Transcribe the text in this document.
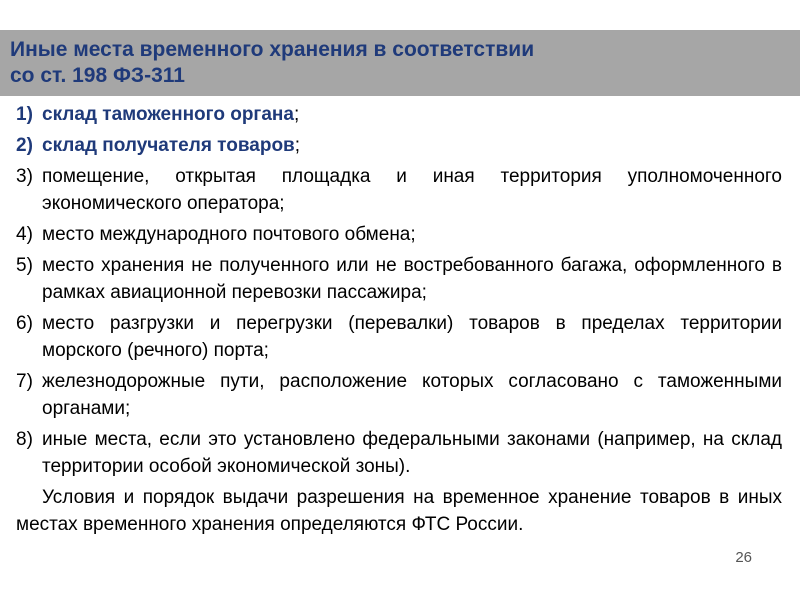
Иные места временного хранения в соответствии
со ст. 198 ФЗ-311
1) склад таможенного органа;
2) склад получателя товаров;
3) помещение, открытая площадка и иная территория уполномоченного экономического оператора;
4) место международного почтового обмена;
5) место хранения не полученного или не востребованного багажа, оформленного в рамках авиационной перевозки пассажира;
6) место разгрузки и перегрузки (перевалки) товаров в пределах территории морского (речного) порта;
7) железнодорожные пути, расположение которых согласовано с таможенными органами;
8) иные места, если это установлено федеральными законами (например, на склад территории особой экономической зоны).
Условия и порядок выдачи разрешения на временное хранение товаров в иных местах временного хранения определяются ФТС России.
26
